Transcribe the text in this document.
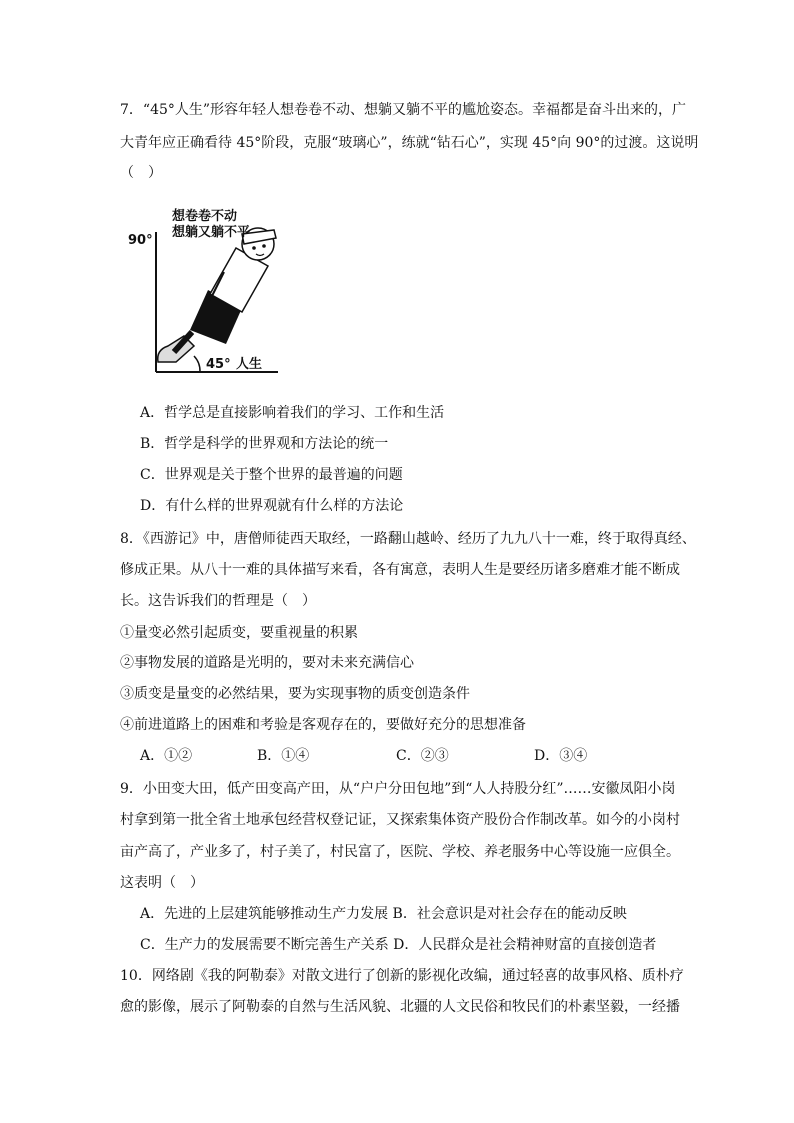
7．“45°人生”形容年轻人想卷卷不动、想躺又躺不平的尴尬姿态。幸福都是奋斗出来的，广
大青年应正确看待 45°阶段，克服“玻璃心”，练就“钻石心”，实现 45°向 90°的过渡。这说明
（　）
想卷卷不动
想躺又躺不平
90°
45° 人生
A．哲学总是直接影响着我们的学习、工作和生活
B．哲学是科学的世界观和方法论的统一
C．世界观是关于整个世界的最普遍的问题
D．有什么样的世界观就有什么样的方法论
8．《西游记》中，唐僧师徒西天取经，一路翻山越岭、经历了九九八十一难，终于取得真经、
修成正果。从八十一难的具体描写来看，各有寓意，表明人生是要经历诸多磨难才能不断成
长。这告诉我们的哲理是（　）
①量变必然引起质变，要重视量的积累
②事物发展的道路是光明的，要对未来充满信心
③质变是量变的必然结果，要为实现事物的质变创造条件
④前进道路上的困难和考验是客观存在的，要做好充分的思想准备
A．①②	B．①④	C．②③	D．③④
9．小田变大田，低产田变高产田，从“户户分田包地”到“人人持股分红”……安徽凤阳小岗
村拿到第一批全省土地承包经营权登记证，又探索集体资产股份合作制改革。如今的小岗村
亩产高了，产业多了，村子美了，村民富了，医院、学校、养老服务中心等设施一应俱全。
这表明（　）
A．先进的上层建筑能够推动生产力发展 B．社会意识是对社会存在的能动反映
C．生产力的发展需要不断完善生产关系 D．人民群众是社会精神财富的直接创造者
10．网络剧《我的阿勒泰》对散文进行了创新的影视化改编，通过轻喜的故事风格、质朴疗
愈的影像，展示了阿勒泰的自然与生活风貌、北疆的人文民俗和牧民们的朴素坚毅，一经播
